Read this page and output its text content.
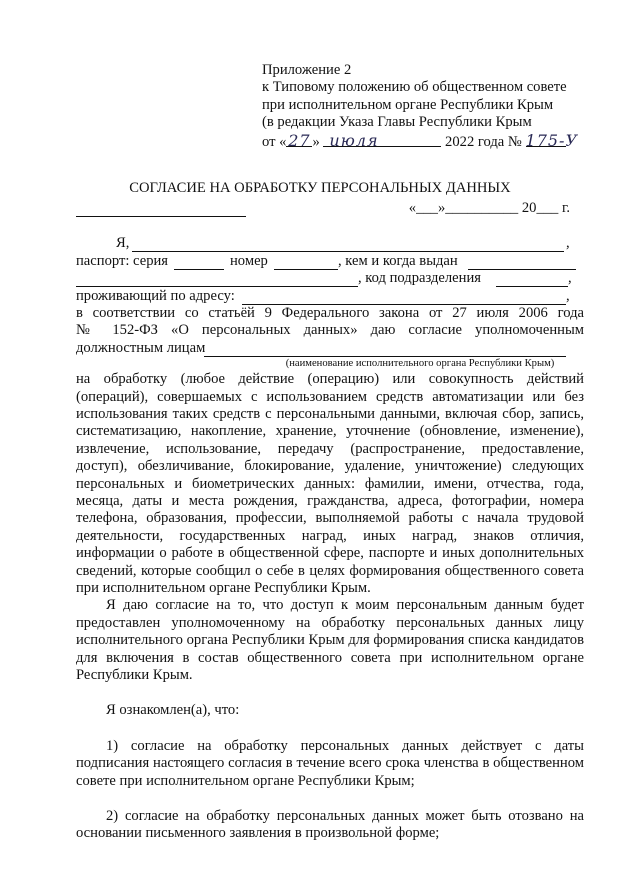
Приложение 2
к Типовому положению об общественном совете
при исполнительном органе Республики Крым
(в редакции Указа Главы Республики Крым
от « 27 » июля	2022 года № 175-У
СОГЛАСИЕ НА ОБРАБОТКУ ПЕРСОНАЛЬНЫХ ДАННЫХ
«___»__________ 20___ г.
Я,	,
паспорт: серия	номер	, кем и когда выдан
, код подразделения	,
проживающий по адресу:	,
в соответствии со статьёй 9 Федерального закона от 27 июля 2006 года
№ 152-ФЗ «О персональных данных» даю согласие уполномоченным
должностным лицам
(наименование исполнительного органа Республики Крым)
на обработку (любое действие (операцию) или совокупность действий (операций), совершаемых с использованием средств автоматизации или без использования таких средств с персональными данными, включая сбор, запись, систематизацию, накопление, хранение, уточнение (обновление, изменение), извлечение, использование, передачу (распространение, предоставление, доступ), обезличивание, блокирование, удаление, уничтожение) следующих персональных и биометрических данных: фамилии, имени, отчества, года, месяца, даты и места рождения, гражданства, адреса, фотографии, номера телефона, образования, профессии, выполняемой работы с начала трудовой деятельности, государственных наград, иных наград, знаков отличия, информации о работе в общественной сфере, паспорте и иных дополнительных сведений, которые сообщил о себе в целях формирования общественного совета при исполнительном органе Республики Крым.
Я даю согласие на то, что доступ к моим персональным данным будет предоставлен уполномоченному на обработку персональных данных лицу исполнительного органа Республики Крым для формирования списка кандидатов для включения в состав общественного совета при исполнительном органе Республики Крым.
Я ознакомлен(а), что:
1) согласие на обработку персональных данных действует с даты подписания настоящего согласия в течение всего срока членства в общественном совете при исполнительном органе Республики Крым;
2) согласие на обработку персональных данных может быть отозвано на основании письменного заявления в произвольной форме;
